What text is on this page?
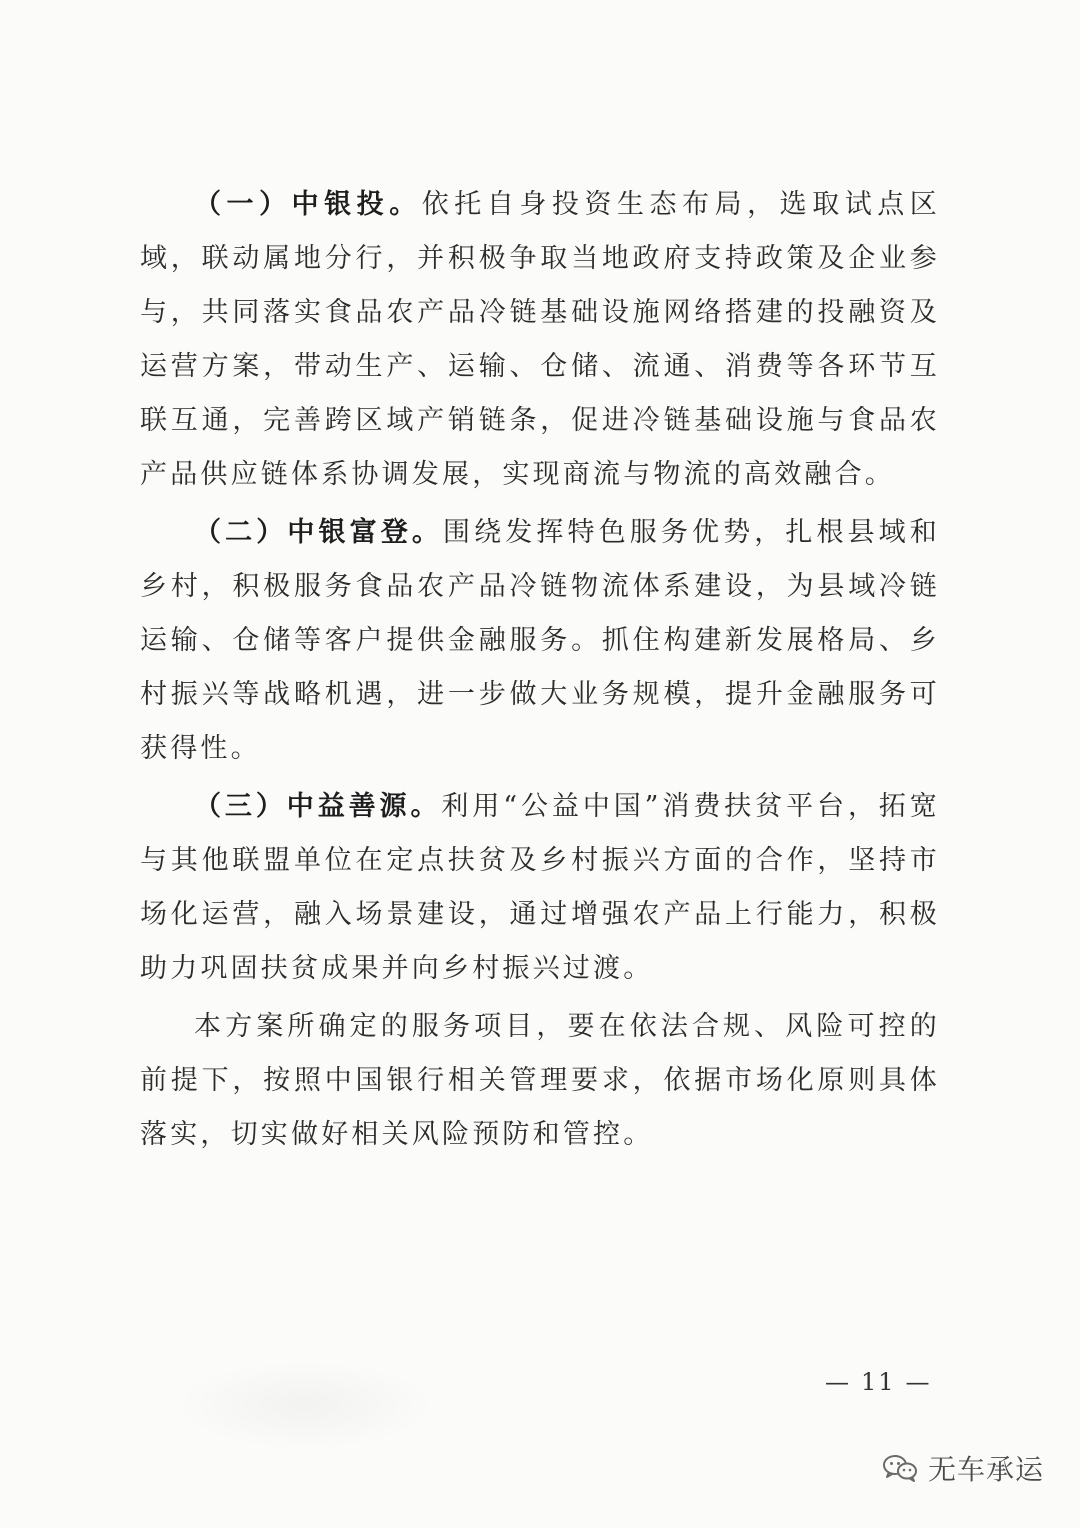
（一）中银投。依托自身投资生态布局，选取试点区域，联动属地分行，并积极争取当地政府支持政策及企业参与，共同落实食品农产品冷链基础设施网络搭建的投融资及运营方案，带动生产、运输、仓储、流通、消费等各环节互联互通，完善跨区域产销链条，促进冷链基础设施与食品农产品供应链体系协调发展，实现商流与物流的高效融合。

（二）中银富登。围绕发挥特色服务优势，扎根县域和乡村，积极服务食品农产品冷链物流体系建设，为县域冷链运输、仓储等客户提供金融服务。抓住构建新发展格局、乡村振兴等战略机遇，进一步做大业务规模，提升金融服务可获得性。

（三）中益善源。利用“公益中国”消费扶贫平台，拓宽与其他联盟单位在定点扶贫及乡村振兴方面的合作，坚持市场化运营，融入场景建设，通过增强农产品上行能力，积极助力巩固扶贫成果并向乡村振兴过渡。

本方案所确定的服务项目，要在依法合规、风险可控的前提下，按照中国银行相关管理要求，依据市场化原则具体落实，切实做好相关风险预防和管控。

— 11 —
无车承运
